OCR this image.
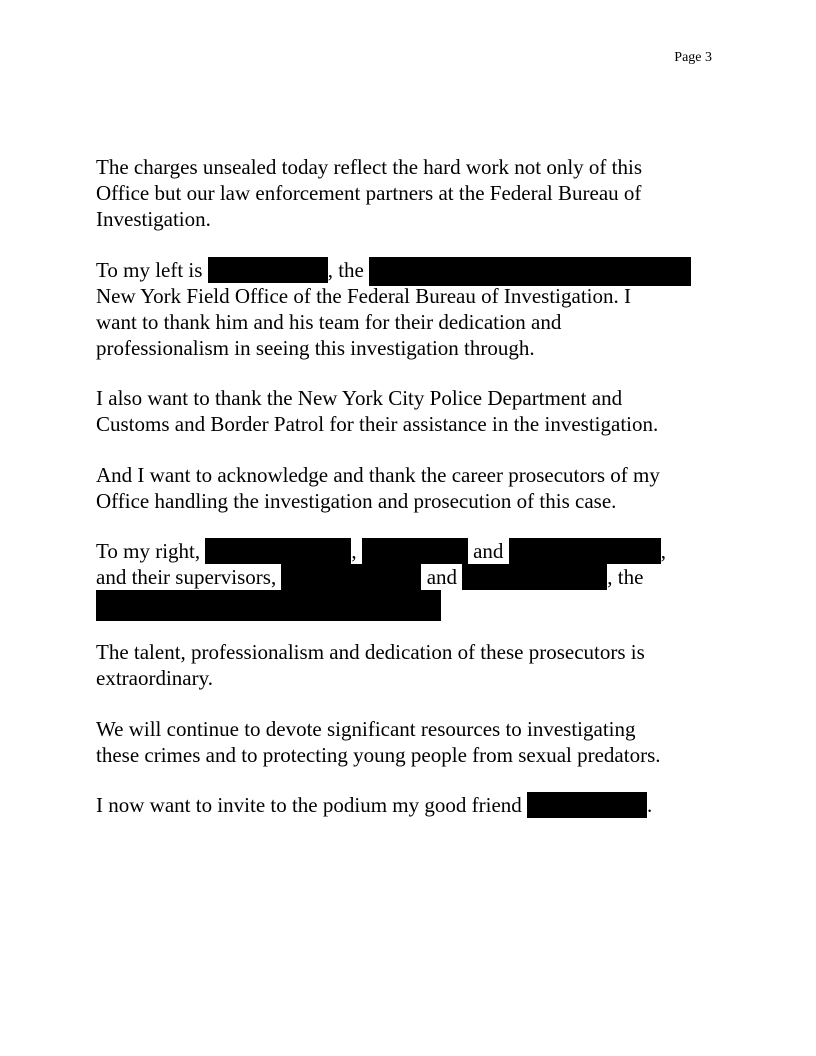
Page 3
The charges unsealed today reflect the hard work not only of this
Office but our law enforcement partners at the Federal Bureau of
Investigation.
To my left is	, the
New York Field Office of the Federal Bureau of Investigation. I
want to thank him and his team for their dedication and
professionalism in seeing this investigation through.
I also want to thank the New York City Police Department and
Customs and Border Patrol for their assistance in the investigation.
And I want to acknowledge and thank the career prosecutors of my
Office handling the investigation and prosecution of this case.
To my right,	,	and	,
and their supervisors,	and	, the
The talent, professionalism and dedication of these prosecutors is
extraordinary.
We will continue to devote significant resources to investigating
these crimes and to protecting young people from sexual predators.
I now want to invite to the podium my good friend	.
